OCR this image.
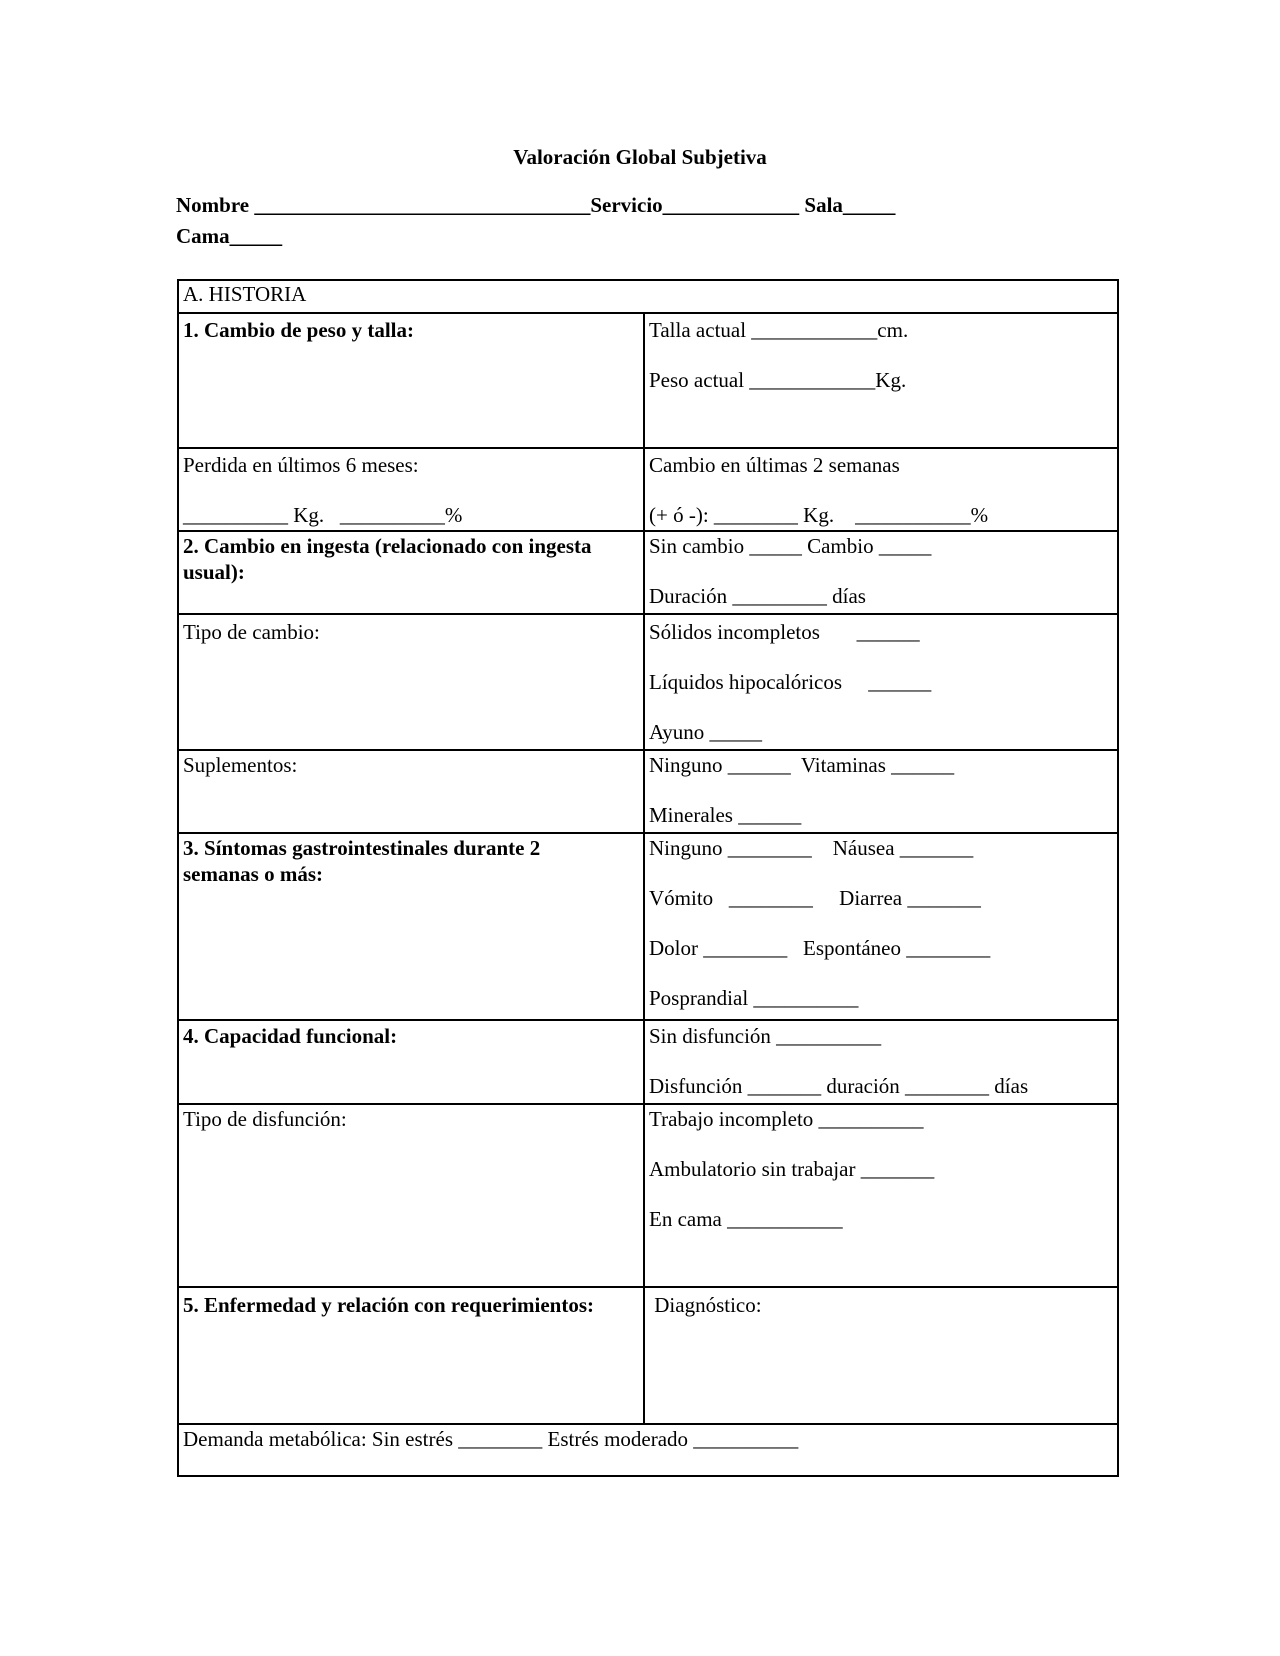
Valoración Global Subjetiva
Nombre ________________________________Servicio_____________ Sala_____
Cama_____
A. HISTORIA	

1. Cambio de peso y talla:	Talla actual ____________cm.
Peso actual ____________Kg.

Perdida en últimos 6 meses:
__________ Kg.   __________%	Cambio en últimas 2 semanas
(+ ó -): ________ Kg.    ___________%

2. Cambio en ingesta (relacionado con ingesta
usual):	Sin cambio _____ Cambio _____
Duración _________ días

Tipo de cambio:	Sólidos incompletos       ______
Líquidos hipocalóricos     ______
Ayuno _____

Suplementos:	Ninguno ______  Vitaminas ______
Minerales ______

3. Síntomas gastrointestinales durante 2
semanas o más:	Ninguno ________    Náusea _______
Vómito   ________     Diarrea _______
Dolor ________   Espontáneo ________
Posprandial __________

4. Capacidad funcional:	Sin disfunción __________
Disfunción _______ duración ________ días

Tipo de disfunción:	Trabajo incompleto __________
Ambulatorio sin trabajar _______
En cama ___________

5. Enfermedad y relación con requerimientos:	Diagnóstico:

Demanda metabólica: Sin estrés ________ Estrés moderado __________	
